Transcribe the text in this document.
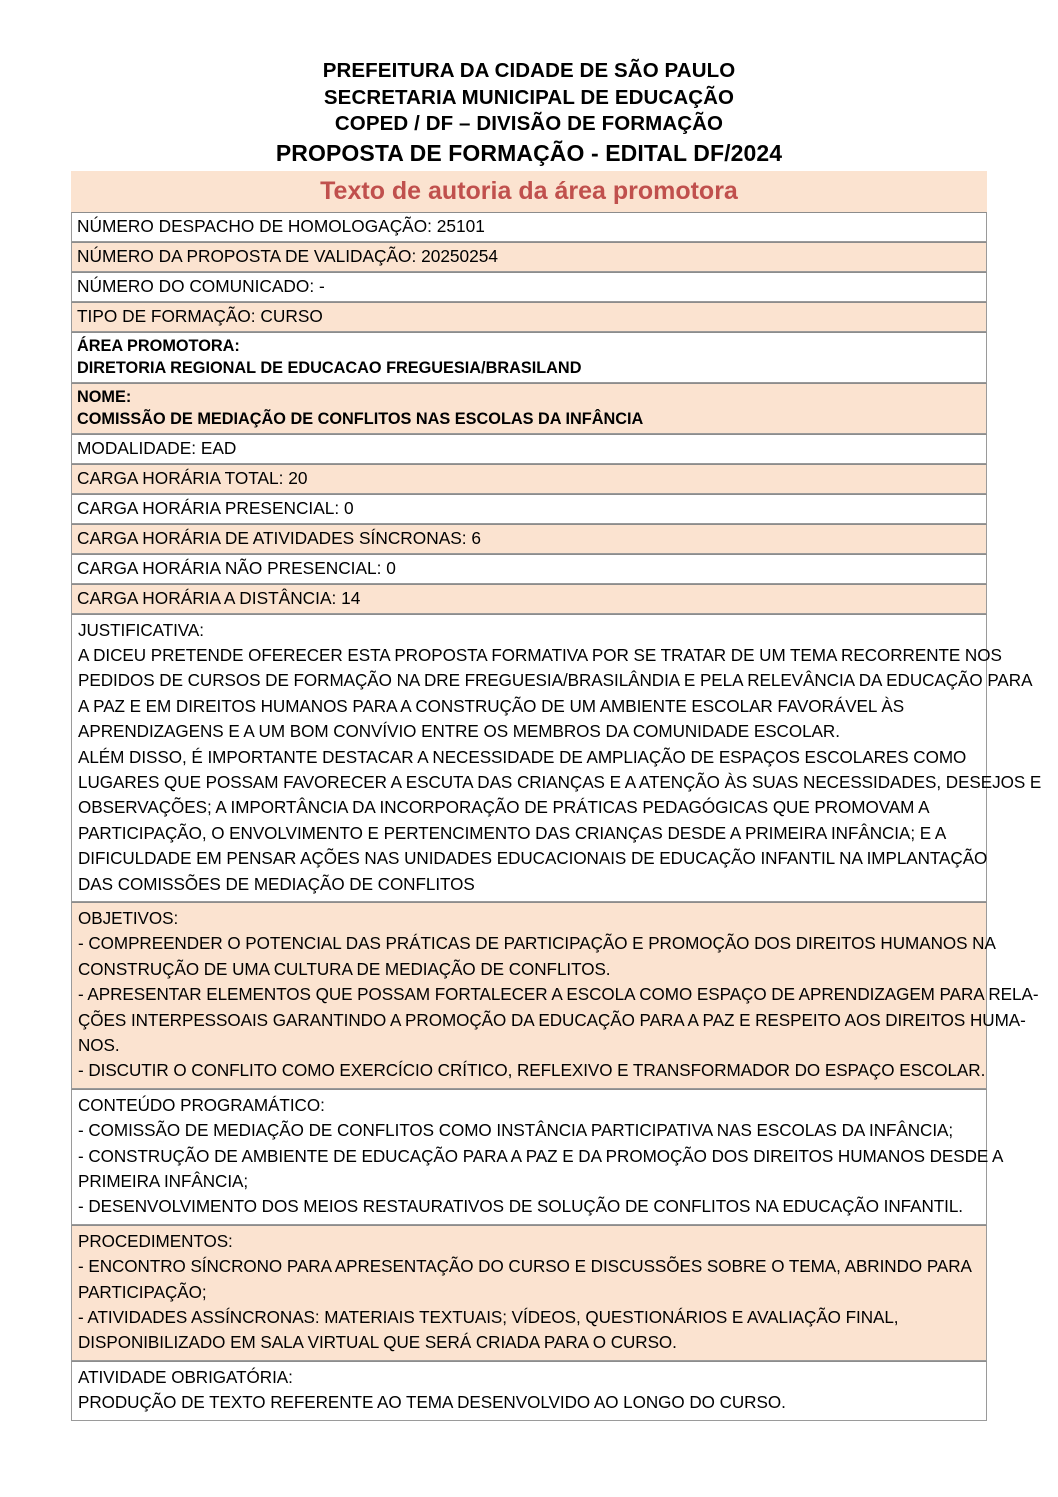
PREFEITURA DA CIDADE DE SÃO PAULO
SECRETARIA MUNICIPAL DE EDUCAÇÃO
COPED / DF – DIVISÃO DE FORMAÇÃO
PROPOSTA DE FORMAÇÃO - EDITAL DF/2024
Texto de autoria da área promotora
NÚMERO DESPACHO DE HOMOLOGAÇÃO: 25101
NÚMERO DA PROPOSTA DE VALIDAÇÃO: 20250254
NÚMERO DO COMUNICADO: -
TIPO DE FORMAÇÃO: CURSO

ÁREA PROMOTORA:
DIRETORIA REGIONAL DE EDUCACAO FREGUESIA/BRASILAND

NOME:
COMISSÃO DE MEDIAÇÃO DE CONFLITOS NAS ESCOLAS DA INFÂNCIA

MODALIDADE: EAD
CARGA HORÁRIA TOTAL: 20
CARGA HORÁRIA PRESENCIAL: 0
CARGA HORÁRIA DE ATIVIDADES SÍNCRONAS: 6
CARGA HORÁRIA NÃO PRESENCIAL: 0
CARGA HORÁRIA A DISTÂNCIA: 14

JUSTIFICATIVA:
A DICEU PRETENDE OFERECER ESTA PROPOSTA FORMATIVA POR SE TRATAR DE UM TEMA RECORRENTE NOS
PEDIDOS DE CURSOS DE FORMAÇÃO NA DRE FREGUESIA/BRASILÂNDIA E PELA RELEVÂNCIA DA EDUCAÇÃO PARA
A PAZ E EM DIREITOS HUMANOS PARA A CONSTRUÇÃO DE UM AMBIENTE ESCOLAR FAVORÁVEL ÀS
APRENDIZAGENS E A UM BOM CONVÍVIO ENTRE OS MEMBROS DA COMUNIDADE ESCOLAR.
ALÉM DISSO, É IMPORTANTE DESTACAR A NECESSIDADE DE AMPLIAÇÃO DE ESPAÇOS ESCOLARES COMO
LUGARES QUE POSSAM FAVORECER A ESCUTA DAS CRIANÇAS E A ATENÇÃO ÀS SUAS NECESSIDADES, DESEJOS E
OBSERVAÇÕES; A IMPORTÂNCIA DA INCORPORAÇÃO DE PRÁTICAS PEDAGÓGICAS QUE PROMOVAM A
PARTICIPAÇÃO, O ENVOLVIMENTO E PERTENCIMENTO DAS CRIANÇAS DESDE A PRIMEIRA INFÂNCIA; E A
DIFICULDADE EM PENSAR AÇÕES NAS UNIDADES EDUCACIONAIS DE EDUCAÇÃO INFANTIL NA IMPLANTAÇÃO
DAS COMISSÕES DE MEDIAÇÃO DE CONFLITOS

OBJETIVOS:
- COMPREENDER O POTENCIAL DAS PRÁTICAS DE PARTICIPAÇÃO E PROMOÇÃO DOS DIREITOS HUMANOS NA
CONSTRUÇÃO DE UMA CULTURA DE MEDIAÇÃO DE CONFLITOS.
- APRESENTAR ELEMENTOS QUE POSSAM FORTALECER A ESCOLA COMO ESPAÇO DE APRENDIZAGEM PARA RELA-
ÇÕES INTERPESSOAIS GARANTINDO A PROMOÇÃO DA EDUCAÇÃO PARA A PAZ E RESPEITO AOS DIREITOS HUMA-
NOS.
- DISCUTIR O CONFLITO COMO EXERCÍCIO CRÍTICO, REFLEXIVO E TRANSFORMADOR DO ESPAÇO ESCOLAR.

CONTEÚDO PROGRAMÁTICO:
- COMISSÃO DE MEDIAÇÃO DE CONFLITOS COMO INSTÂNCIA PARTICIPATIVA NAS ESCOLAS DA INFÂNCIA;
- CONSTRUÇÃO DE AMBIENTE DE EDUCAÇÃO PARA A PAZ E DA PROMOÇÃO DOS DIREITOS HUMANOS DESDE A
PRIMEIRA INFÂNCIA;
- DESENVOLVIMENTO DOS MEIOS RESTAURATIVOS DE SOLUÇÃO DE CONFLITOS NA EDUCAÇÃO INFANTIL.

PROCEDIMENTOS:
- ENCONTRO SÍNCRONO PARA APRESENTAÇÃO DO CURSO E DISCUSSÕES SOBRE O TEMA, ABRINDO PARA
PARTICIPAÇÃO;
- ATIVIDADES ASSÍNCRONAS: MATERIAIS TEXTUAIS; VÍDEOS, QUESTIONÁRIOS E AVALIAÇÃO FINAL,
DISPONIBILIZADO EM SALA VIRTUAL QUE SERÁ CRIADA PARA O CURSO.

ATIVIDADE OBRIGATÓRIA:
PRODUÇÃO DE TEXTO REFERENTE AO TEMA DESENVOLVIDO AO LONGO DO CURSO.
